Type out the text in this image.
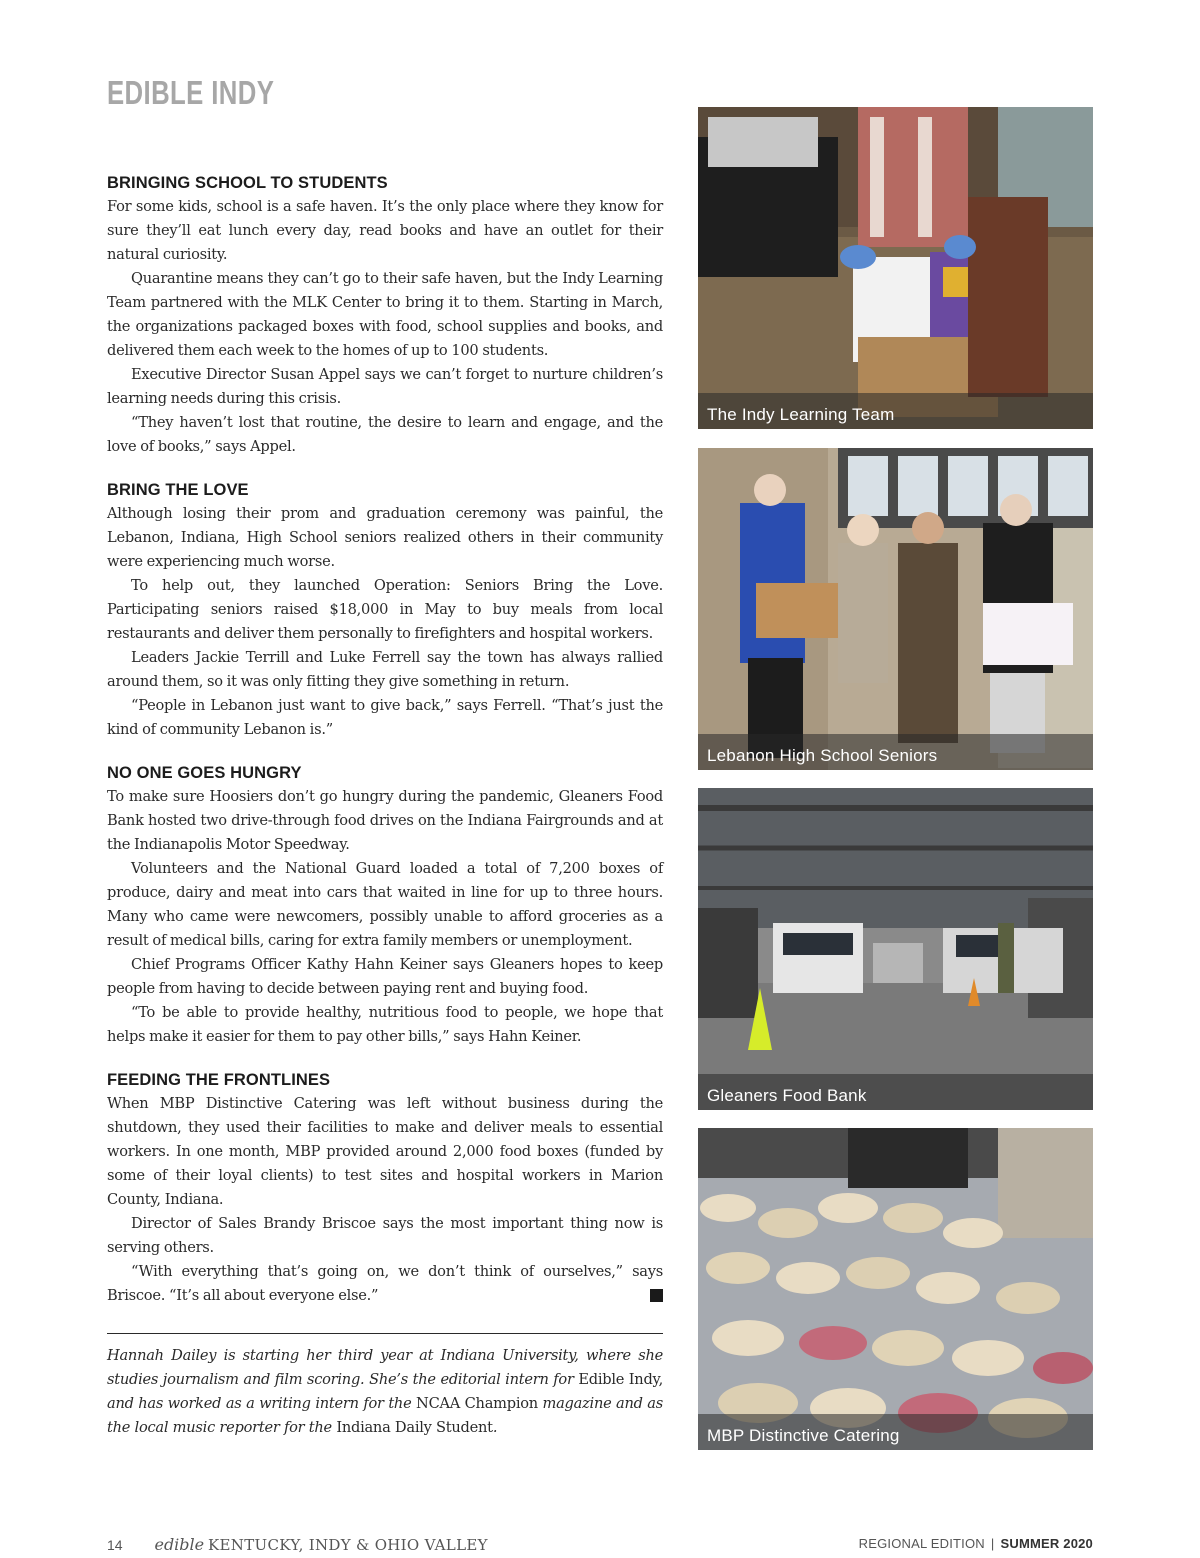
EDIBLE INDY
BRINGING SCHOOL TO STUDENTS

For some kids, school is a safe haven. It’s the only place where they know for sure they’ll eat lunch every day, read books and have an outlet for their natural curiosity.

Quarantine means they can’t go to their safe haven, but the Indy Learning Team partnered with the MLK Center to bring it to them. Starting in March, the organizations packaged boxes with food, school supplies and books, and delivered them each week to the homes of up to 100 students.

Executive Director Susan Appel says we can’t forget to nurture children’s learning needs during this crisis.

“They haven’t lost that routine, the desire to learn and engage, and the love of books,” says Appel.

BRING THE LOVE

Although losing their prom and graduation ceremony was painful, the Lebanon, Indiana, High School seniors realized others in their community were experiencing much worse.

To help out, they launched Operation: Seniors Bring the Love. Participating seniors raised $18,000 in May to buy meals from local restaurants and deliver them personally to firefighters and hospital workers.

Leaders Jackie Terrill and Luke Ferrell say the town has always rallied around them, so it was only fitting they give something in return.

“People in Lebanon just want to give back,” says Ferrell. “That’s just the kind of community Lebanon is.”

NO ONE GOES HUNGRY

To make sure Hoosiers don’t go hungry during the pandemic, Gleaners Food Bank hosted two drive-through food drives on the Indiana Fairgrounds and at the Indianapolis Motor Speedway.

Volunteers and the National Guard loaded a total of 7,200 boxes of produce, dairy and meat into cars that waited in line for up to three hours. Many who came were newcomers, possibly unable to afford groceries as a result of medical bills, caring for extra family members or unemployment.

Chief Programs Officer Kathy Hahn Keiner says Gleaners hopes to keep people from having to decide between paying rent and buying food.

“To be able to provide healthy, nutritious food to people, we hope that helps make it easier for them to pay other bills,” says Hahn Keiner.

FEEDING THE FRONTLINES

When MBP Distinctive Catering was left without business during the shutdown, they used their facilities to make and deliver meals to essential workers. In one month, MBP provided around 2,000 food boxes (funded by some of their loyal clients) to test sites and hospital workers in Marion County, Indiana.

Director of Sales Brandy Briscoe says the most important thing now is serving others.

“With everything that’s going on, we don’t think of ourselves,” says Briscoe. “It’s all about everyone else.”

Hannah Dailey is starting her third year at Indiana University, where she studies journalism and film scoring. She’s the editorial intern for Edible Indy, and has worked as a writing intern for the NCAA Champion magazine and as the local music reporter for the Indiana Daily Student.

The Indy Learning Team
Lebanon High School Seniors
Gleaners Food Bank
MBP Distinctive Catering
14 edible KENTUCKY, INDY & OHIO VALLEY	REGIONAL EDITION | SUMMER 2020
